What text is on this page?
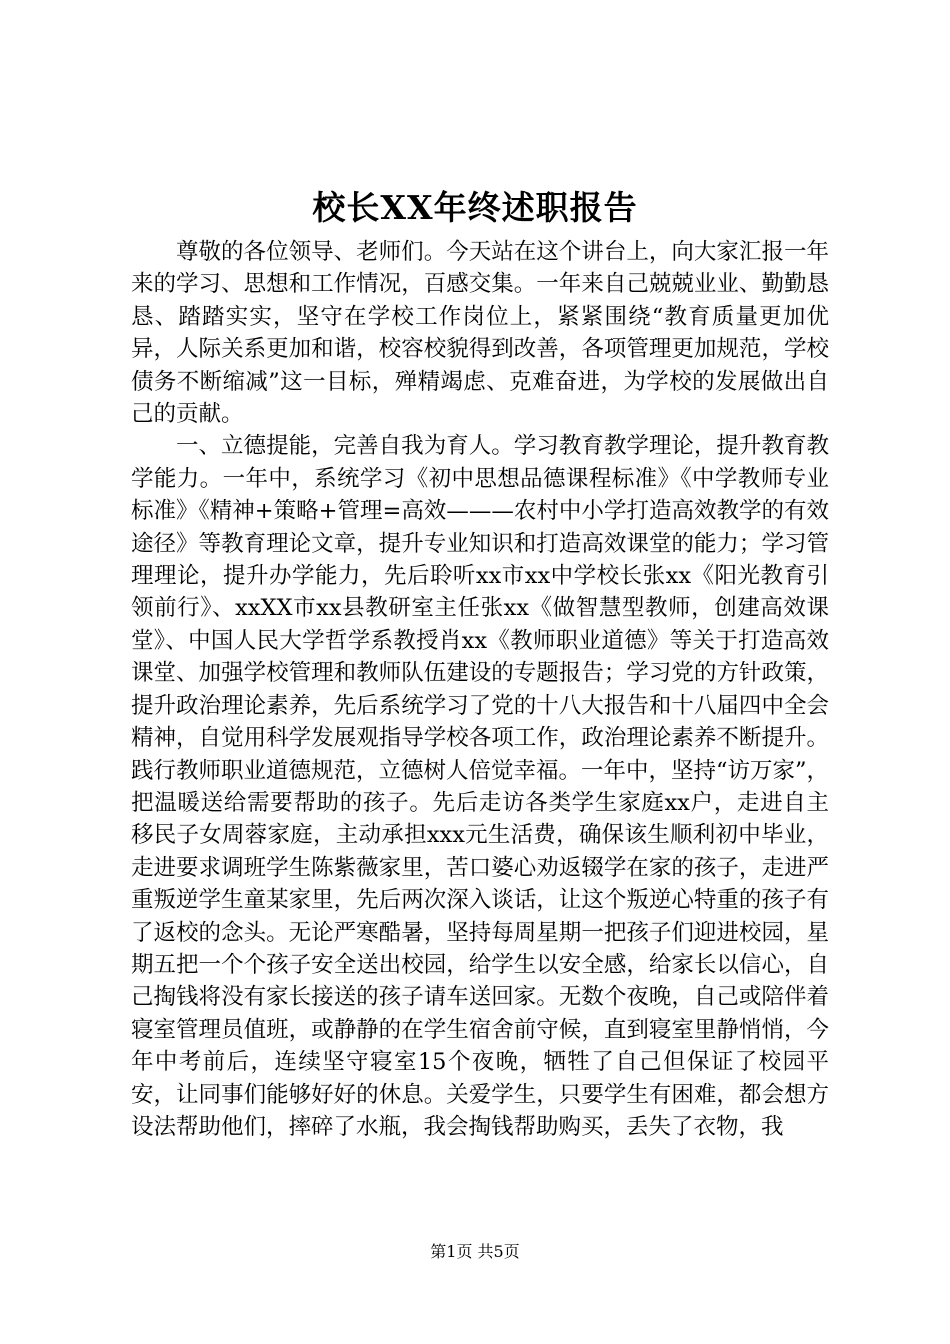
校长XX年终述职报告

尊敬的各位领导、老师们。今天站在这个讲台上，向大家汇报一年来的学习、思想和工作情况，百感交集。一年来自己兢兢业业、勤勤恳恳、踏踏实实，坚守在学校工作岗位上，紧紧围绕“教育质量更加优异，人际关系更加和谐，校容校貌得到改善，各项管理更加规范，学校债务不断缩减”这一目标，殚精竭虑、克难奋进，为学校的发展做出自己的贡献。

一、立德提能，完善自我为育人。学习教育教学理论，提升教育教学能力。一年中，系统学习《初中思想品德课程标准》《中学教师专业标准》《精神+策略+管理=高效———农村中小学打造高效教学的有效途径》等教育理论文章，提升专业知识和打造高效课堂的能力；学习管理理论，提升办学能力，先后聆听xx市xx中学校长张xx《阳光教育引领前行》、xxXX市xx县教研室主任张xx《做智慧型教师，创建高效课堂》、中国人民大学哲学系教授肖xx《教师职业道德》等关于打造高效课堂、加强学校管理和教师队伍建设的专题报告；学习党的方针政策，提升政治理论素养，先后系统学习了党的十八大报告和十八届四中全会精神，自觉用科学发展观指导学校各项工作，政治理论素养不断提升。践行教师职业道德规范，立德树人倍觉幸福。一年中，坚持“访万家”，把温暖送给需要帮助的孩子。先后走访各类学生家庭xx户，走进自主移民子女周蓉家庭，主动承担xxx元生活费，确保该生顺利初中毕业，走进要求调班学生陈紫薇家里，苦口婆心劝返辍学在家的孩子，走进严重叛逆学生童某家里，先后两次深入谈话，让这个叛逆心特重的孩子有了返校的念头。无论严寒酷暑，坚持每周星期一把孩子们迎进校园，星期五把一个个孩子安全送出校园，给学生以安全感，给家长以信心，自己掏钱将没有家长接送的孩子请车送回家。无数个夜晚，自己或陪伴着寝室管理员值班，或静静的在学生宿舍前守候，直到寝室里静悄悄，今年中考前后，连续坚守寝室15个夜晚，牺牲了自己但保证了校园平安，让同事们能够好好的休息。关爱学生，只要学生有困难，都会想方设法帮助他们，摔碎了水瓶，我会掏钱帮助购买，丢失了衣物，我

第1页 共5页
